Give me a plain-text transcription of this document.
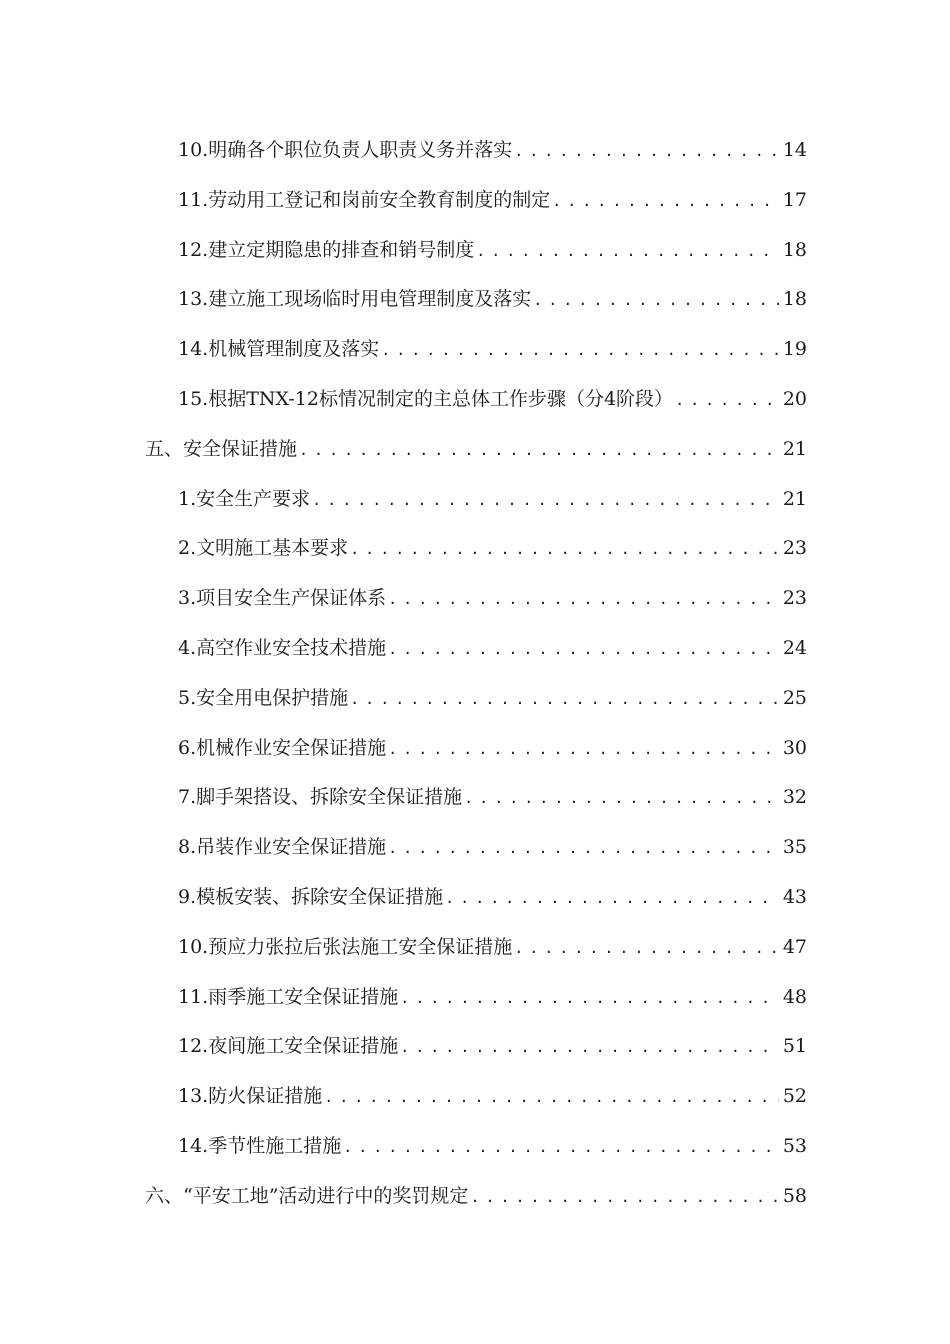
10.明确各个职位负责人职责义务并落实 .....	14
11.劳动用工登记和岗前安全教育制度的制定 .....	17
12.建立定期隐患的排查和销号制度 .....	18
13.建立施工现场临时用电管理制度及落实 .....	18
14.机械管理制度及落实 .....	19
15.根据TNX-12标情况制定的主总体工作步骤（分4阶段） .....	20
五、安全保证措施 .....	21
1.安全生产要求 .....	21
2.文明施工基本要求 .....	23
3.项目安全生产保证体系 .....	23
4.高空作业安全技术措施 .....	24
5.安全用电保护措施 .....	25
6.机械作业安全保证措施 .....	30
7.脚手架搭设、拆除安全保证措施 .....	32
8.吊装作业安全保证措施 .....	35
9.模板安装、拆除安全保证措施 .....	43
10.预应力张拉后张法施工安全保证措施 .....	47
11.雨季施工安全保证措施 .....	48
12.夜间施工安全保证措施 .....	51
13.防火保证措施 .....	52
14.季节性施工措施 .....	53
六、“平安工地”活动进行中的奖罚规定 .....	58
